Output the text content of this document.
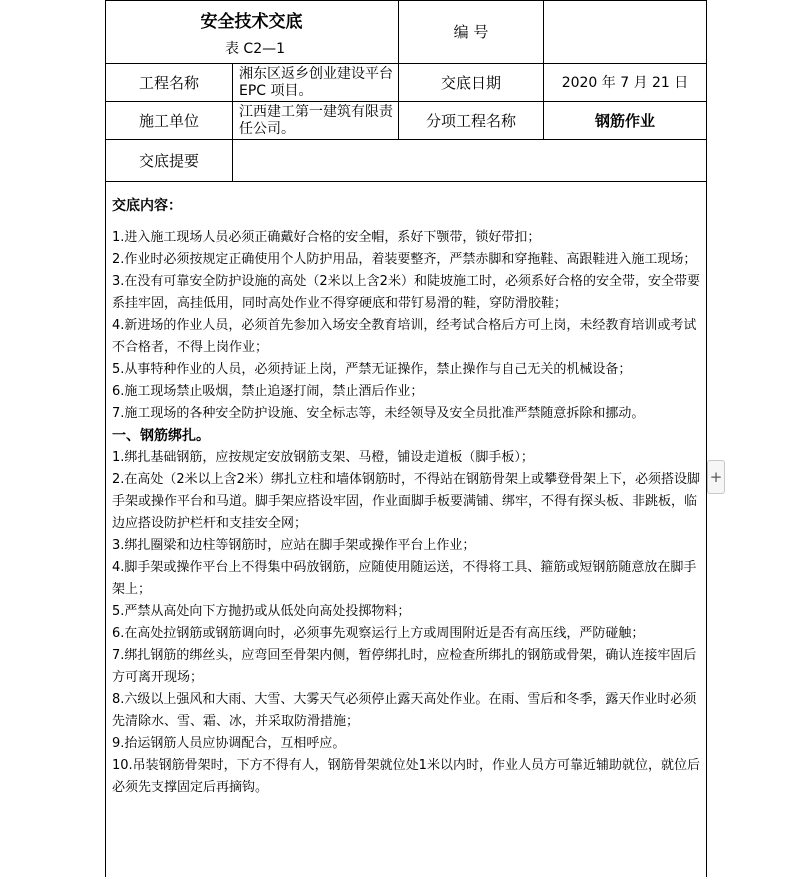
安全技术交底
表 C2—1
编 号
工程名称	湘东区返乡创业建设平台 EPC 项目。	交底日期	2020 年 7 月 21 日
施工单位	江西建工第一建筑有限责任公司。	分项工程名称	钢筋作业
交底提要

交底内容：

1.进入施工现场人员必须正确戴好合格的安全帽，系好下颚带，锁好带扣；

2.作业时必须按规定正确使用个人防护用品，着装要整齐，严禁赤脚和穿拖鞋、高跟鞋进入施工现场；

3.在没有可靠安全防护设施的高处（2米以上含2米）和陡坡施工时，必须系好合格的安全带，安全带要系挂牢固，高挂低用，同时高处作业不得穿硬底和带钉易滑的鞋，穿防滑胶鞋；

4.新进场的作业人员，必须首先参加入场安全教育培训，经考试合格后方可上岗，未经教育培训或考试不合格者，不得上岗作业；

5.从事特种作业的人员，必须持证上岗，严禁无证操作，禁止操作与自己无关的机械设备；

6.施工现场禁止吸烟，禁止追逐打闹，禁止酒后作业；

7.施工现场的各种安全防护设施、安全标志等，未经领导及安全员批准严禁随意拆除和挪动。

一、钢筋绑扎。

1.绑扎基础钢筋，应按规定安放钢筋支架、马橙，铺设走道板（脚手板）；

2.在高处（2米以上含2米）绑扎立柱和墙体钢筋时，不得站在钢筋骨架上或攀登骨架上下，必须搭设脚手架或操作平台和马道。脚手架应搭设牢固，作业面脚手板要满铺、绑牢，不得有探头板、非跳板，临边应搭设防护栏杆和支挂安全网；

3.绑扎圈梁和边柱等钢筋时，应站在脚手架或操作平台上作业；

4.脚手架或操作平台上不得集中码放钢筋，应随使用随运送，不得将工具、箍筋或短钢筋随意放在脚手架上；

5.严禁从高处向下方抛扔或从低处向高处投掷物料；

6.在高处拉钢筋或钢筋调向时，必须事先观察运行上方或周围附近是否有高压线，严防碰触；

7.绑扎钢筋的绑丝头，应弯回至骨架内侧，暂停绑扎时，应检查所绑扎的钢筋或骨架，确认连接牢固后方可离开现场；

8.六级以上强风和大雨、大雪、大雾天气必须停止露天高处作业。在雨、雪后和冬季，露天作业时必须先清除水、雪、霜、冰，并采取防滑措施；

9.抬运钢筋人员应协调配合，互相呼应。

10.吊装钢筋骨架时，下方不得有人，钢筋骨架就位处1米以内时，作业人员方可靠近辅助就位，就位后必须先支撑固定后再摘钩。

+
